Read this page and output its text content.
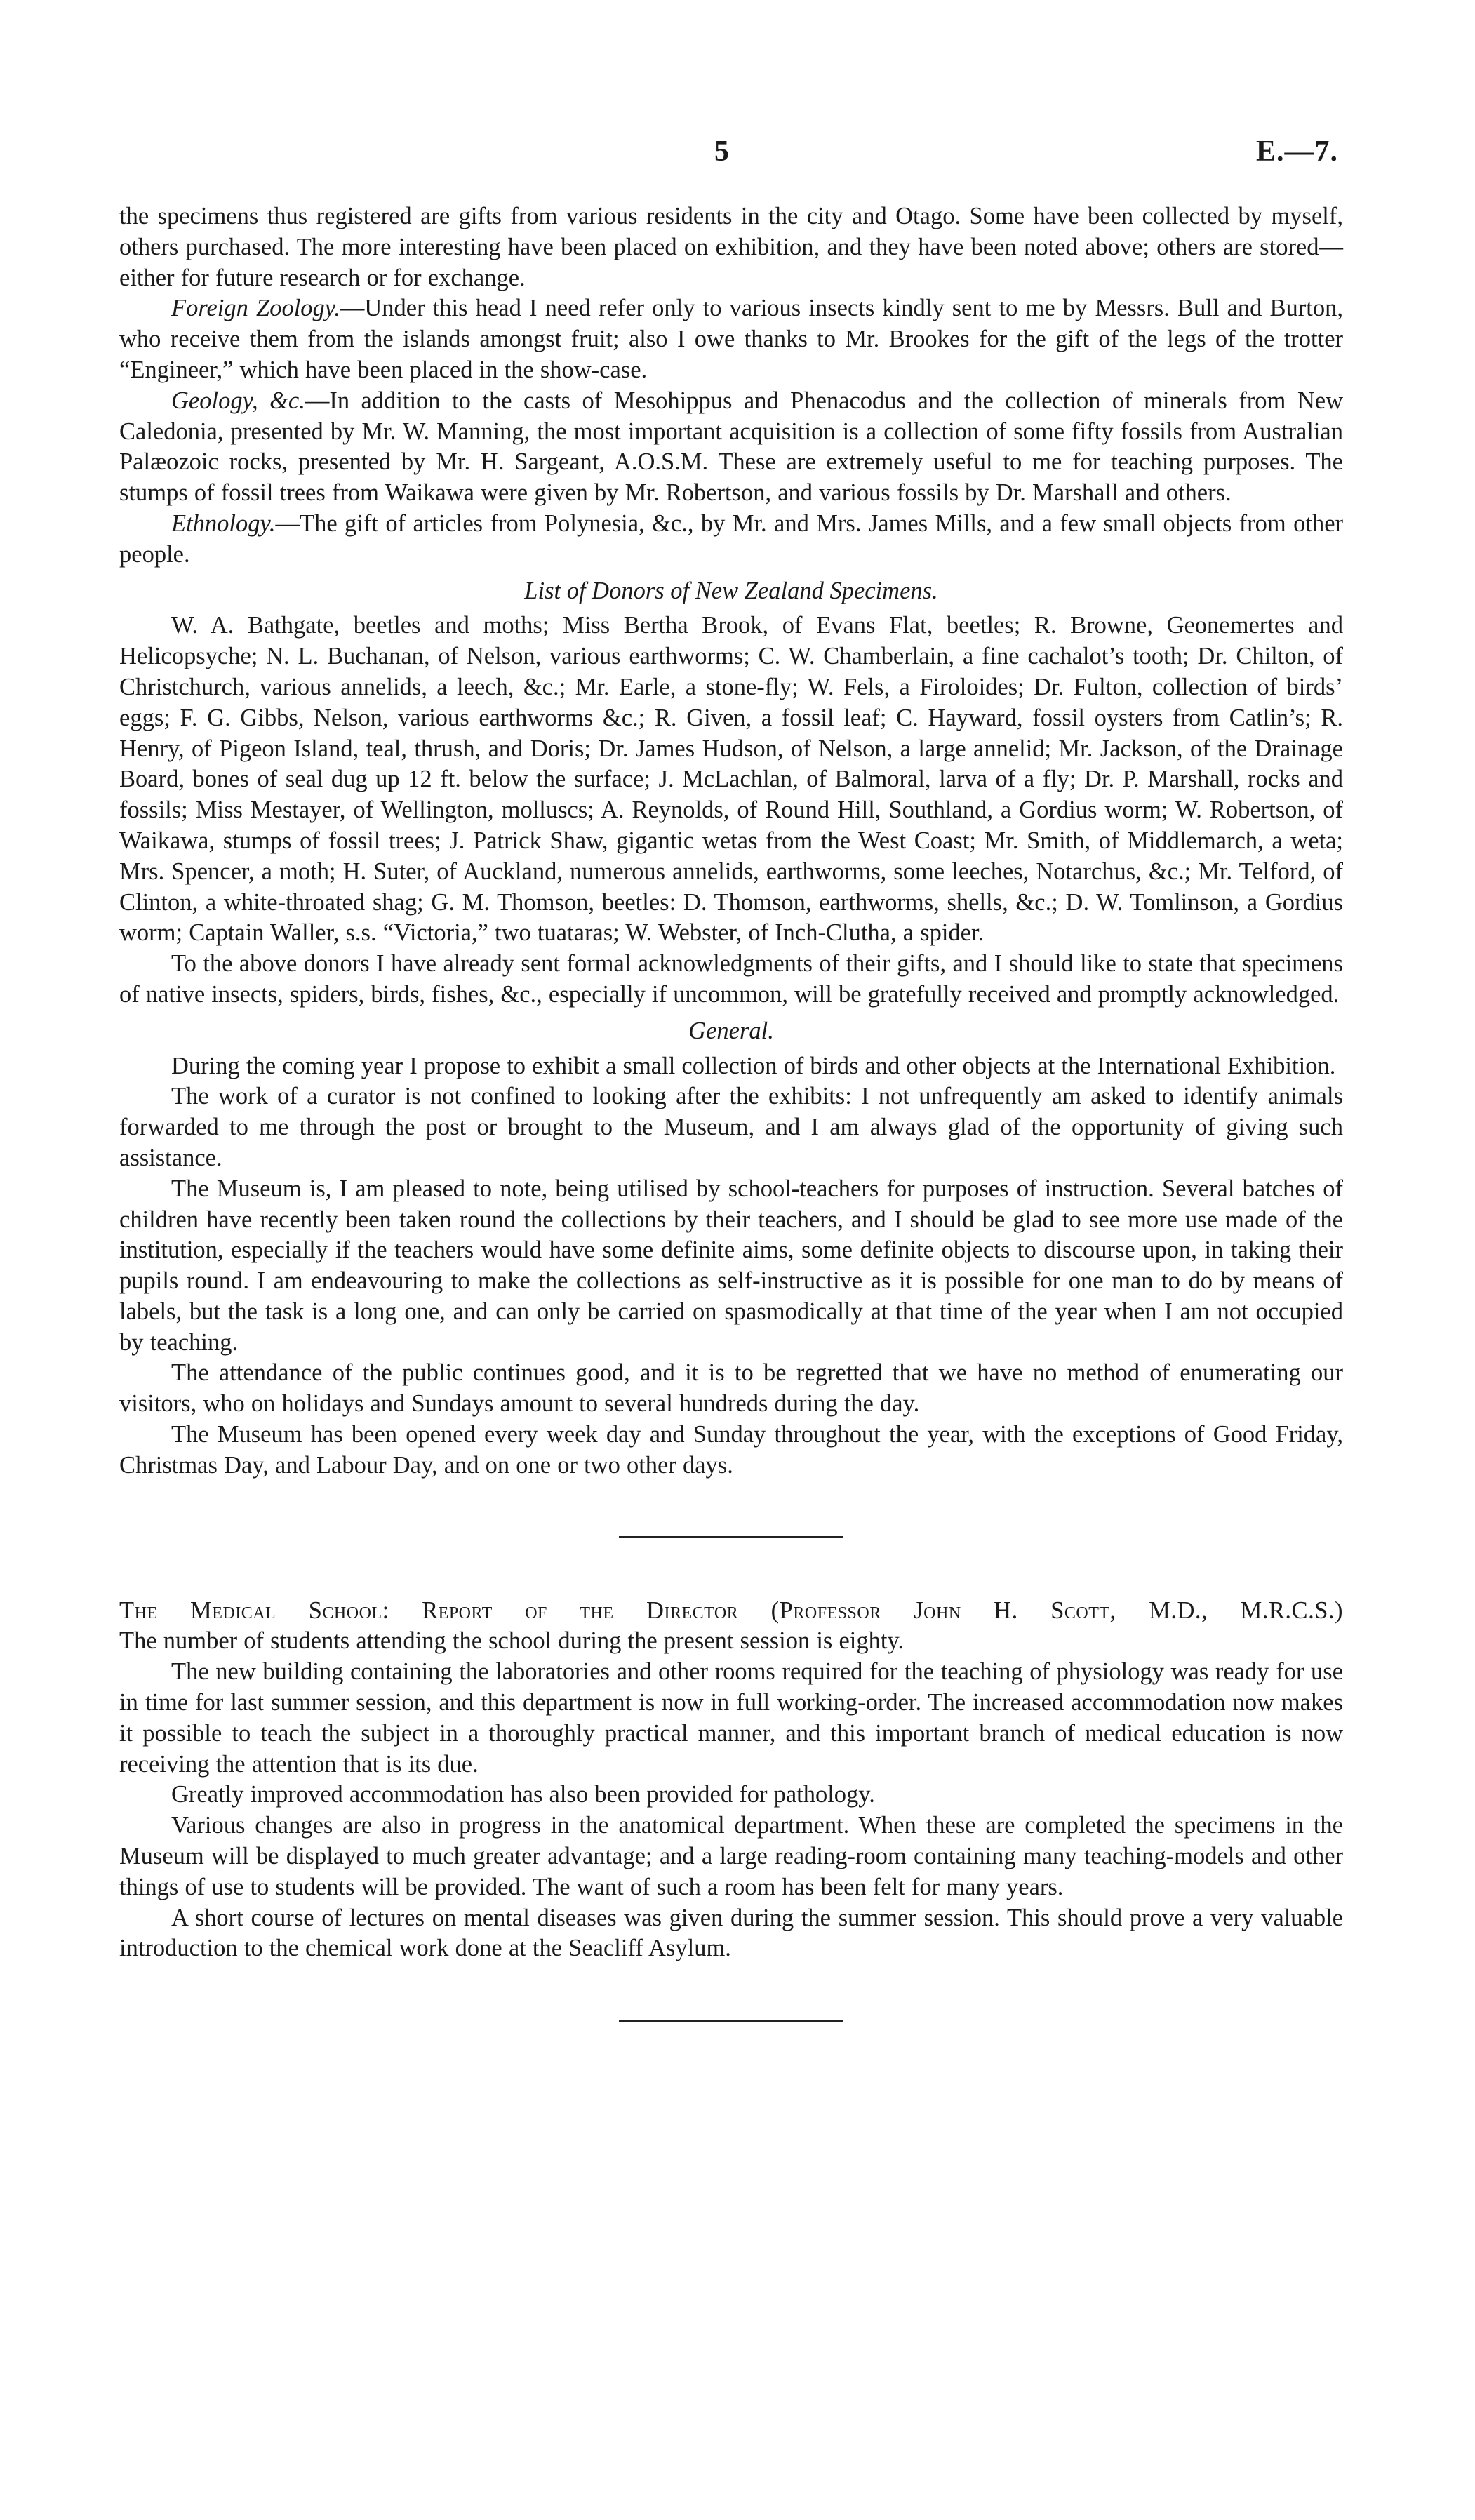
5	E.—7.

the specimens thus registered are gifts from various residents in the city and Otago. Some have been collected by myself, others purchased. The more interesting have been placed on exhibition, and they have been noted above; others are stored—either for future research or for exchange.

Foreign Zoology.—Under this head I need refer only to various insects kindly sent to me by Messrs. Bull and Burton, who receive them from the islands amongst fruit; also I owe thanks to Mr. Brookes for the gift of the legs of the trotter “Engineer,” which have been placed in the show-case.

Geology, &c.—In addition to the casts of Mesohippus and Phenacodus and the collection of minerals from New Caledonia, presented by Mr. W. Manning, the most important acquisition is a collection of some fifty fossils from Australian Palæozoic rocks, presented by Mr. H. Sargeant, A.O.S.M. These are extremely useful to me for teaching purposes. The stumps of fossil trees from Waikawa were given by Mr. Robertson, and various fossils by Dr. Marshall and others.

Ethnology.—The gift of articles from Polynesia, &c., by Mr. and Mrs. James Mills, and a few small objects from other people.

List of Donors of New Zealand Specimens.

W. A. Bathgate, beetles and moths; Miss Bertha Brook, of Evans Flat, beetles; R. Browne, Geonemertes and Helicopsyche; N. L. Buchanan, of Nelson, various earthworms; C. W. Chamberlain, a fine cachalot’s tooth; Dr. Chilton, of Christchurch, various annelids, a leech, &c.; Mr. Earle, a stone-fly; W. Fels, a Firoloides; Dr. Fulton, collection of birds’ eggs; F. G. Gibbs, Nelson, various earthworms &c.; R. Given, a fossil leaf; C. Hayward, fossil oysters from Catlin’s; R. Henry, of Pigeon Island, teal, thrush, and Doris; Dr. James Hudson, of Nelson, a large annelid; Mr. Jackson, of the Drainage Board, bones of seal dug up 12 ft. below the surface; J. McLachlan, of Balmoral, larva of a fly; Dr. P. Marshall, rocks and fossils; Miss Mestayer, of Wellington, molluscs; A. Reynolds, of Round Hill, Southland, a Gordius worm; W. Robertson, of Waikawa, stumps of fossil trees; J. Patrick Shaw, gigantic wetas from the West Coast; Mr. Smith, of Middlemarch, a weta; Mrs. Spencer, a moth; H. Suter, of Auckland, numerous annelids, earthworms, some leeches, Notarchus, &c.; Mr. Telford, of Clinton, a white-throated shag; G. M. Thomson, beetles: D. Thomson, earthworms, shells, &c.; D. W. Tomlinson, a Gordius worm; Captain Waller, s.s. “Victoria,” two tuataras; W. Webster, of Inch-Clutha, a spider.

To the above donors I have already sent formal acknowledgments of their gifts, and I should like to state that specimens of native insects, spiders, birds, fishes, &c., especially if uncommon, will be gratefully received and promptly acknowledged.

General.

During the coming year I propose to exhibit a small collection of birds and other objects at the International Exhibition.

The work of a curator is not confined to looking after the exhibits: I not unfrequently am asked to identify animals forwarded to me through the post or brought to the Museum, and I am always glad of the opportunity of giving such assistance.

The Museum is, I am pleased to note, being utilised by school-teachers for purposes of instruction. Several batches of children have recently been taken round the collections by their teachers, and I should be glad to see more use made of the institution, especially if the teachers would have some definite aims, some definite objects to discourse upon, in taking their pupils round. I am endeavouring to make the collections as self-instructive as it is possible for one man to do by means of labels, but the task is a long one, and can only be carried on spasmodically at that time of the year when I am not occupied by teaching.

The attendance of the public continues good, and it is to be regretted that we have no method of enumerating our visitors, who on holidays and Sundays amount to several hundreds during the day.

The Museum has been opened every week day and Sunday throughout the year, with the exceptions of Good Friday, Christmas Day, and Labour Day, and on one or two other days.

The Medical School: Report of the Director (Professor John H. Scott, M.D., M.R.C.S.)

The number of students attending the school during the present session is eighty.

The new building containing the laboratories and other rooms required for the teaching of physiology was ready for use in time for last summer session, and this department is now in full working-order. The increased accommodation now makes it possible to teach the subject in a thoroughly practical manner, and this important branch of medical education is now receiving the attention that is its due.

Greatly improved accommodation has also been provided for pathology.

Various changes are also in progress in the anatomical department. When these are completed the specimens in the Museum will be displayed to much greater advantage; and a large reading-room containing many teaching-models and other things of use to students will be provided. The want of such a room has been felt for many years.

A short course of lectures on mental diseases was given during the summer session. This should prove a very valuable introduction to the chemical work done at the Seacliff Asylum.
